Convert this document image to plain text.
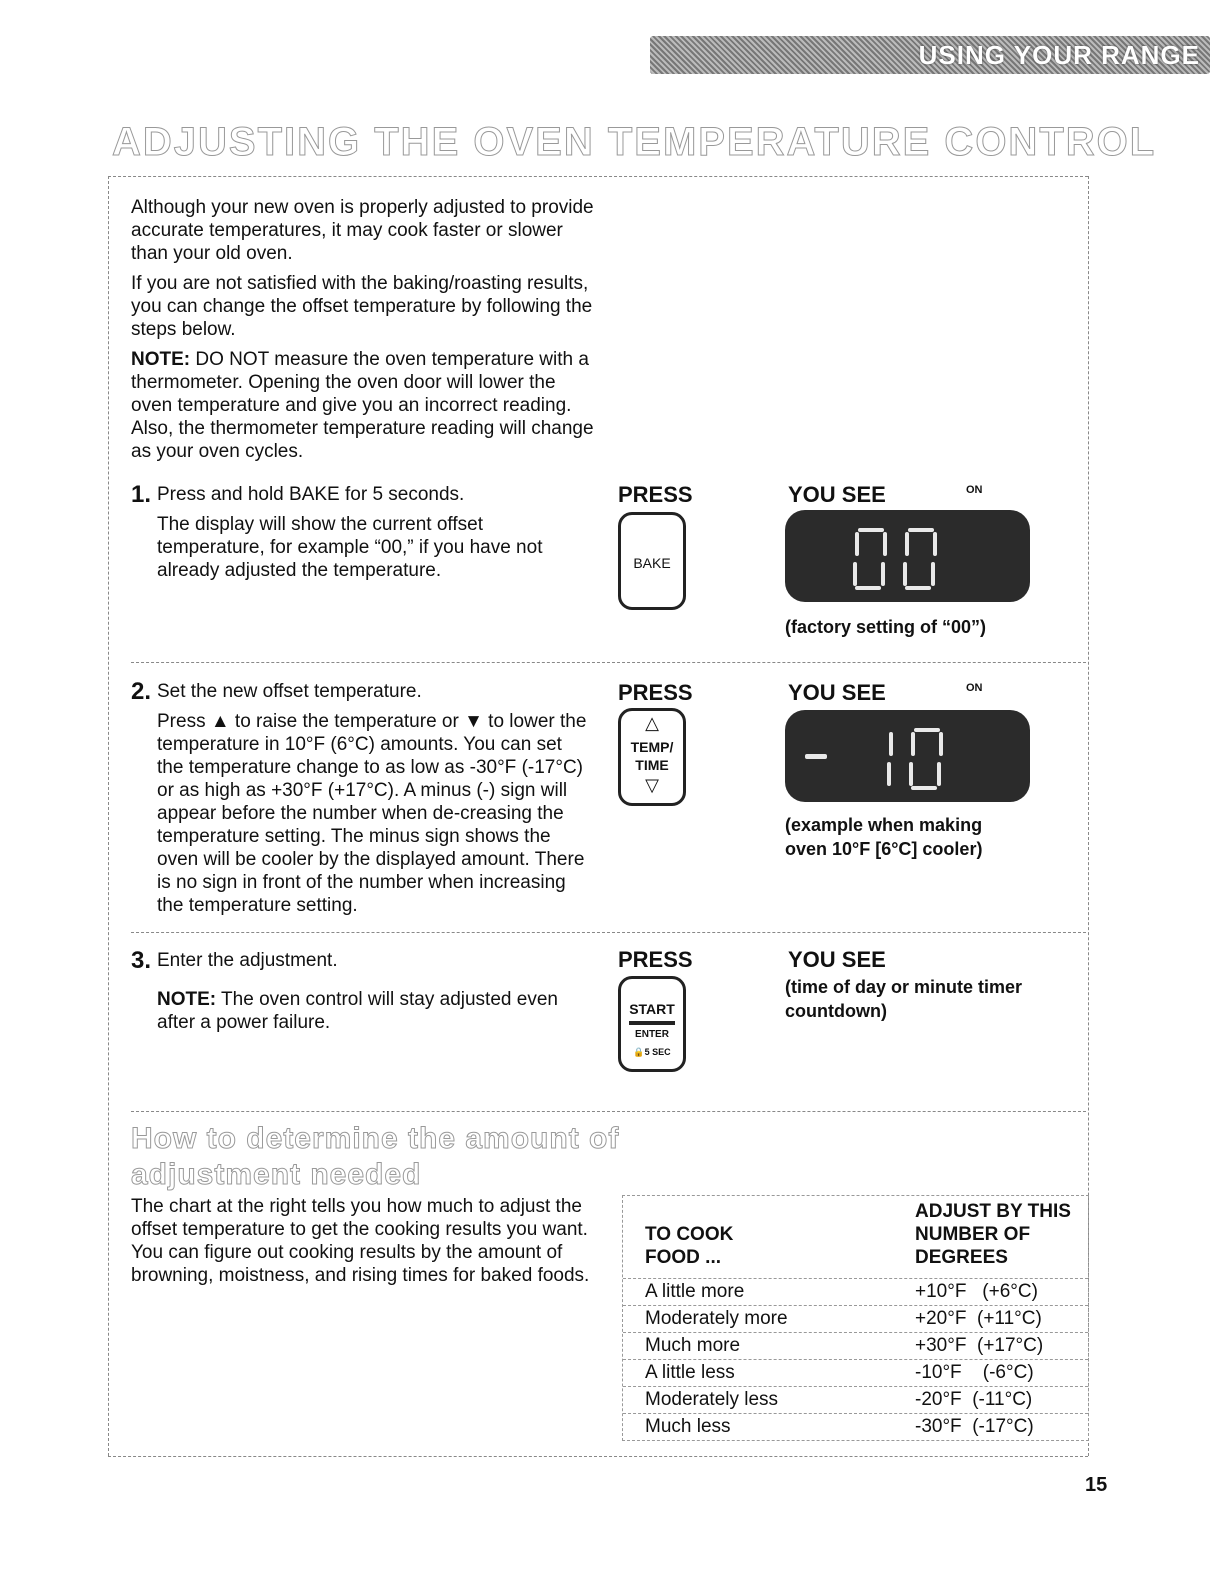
USING YOUR RANGE
ADJUSTING THE OVEN TEMPERATURE CONTROL

Although your new oven is properly adjusted to provide accurate temperatures, it may cook faster or slower than your old oven.

If you are not satisfied with the baking/roasting results, you can change the offset temperature by following the steps below.

NOTE: DO NOT measure the oven temperature with a thermometer. Opening the oven door will lower the oven temperature and give you an incorrect reading. Also, the thermometer temperature reading will change as your oven cycles.

1. Press and hold BAKE for 5 seconds.

The display will show the current offset temperature, for example “00,” if you have not already adjusted the temperature.

PRESS	YOU SEE	ON
BAKE
(factory setting of “00”)
2. Set the new offset temperature.

Press ▲ to raise the temperature or ▼ to lower the temperature in 10°F (6°C) amounts. You can set the temperature change to as low as -30°F (-17°C) or as high as +30°F (+17°C). A minus (-) sign will appear before the number when de-creasing the temperature setting. The minus sign shows the oven will be cooler by the displayed amount. There is no sign in front of the number when increasing the temperature setting.

PRESS	YOU SEE	ON
△
TEMP/
TIME
▽
(example when making oven 10°F [6°C] cooler)
3. Enter the adjustment.

NOTE: The oven control will stay adjusted even after a power failure.

PRESS	YOU SEE
START
ENTER
🔒5 SEC
(time of day or minute timer countdown)
How to determine the amount of
adjustment needed
The chart at the right tells you how much to adjust the offset temperature to get the cooking results you want. You can figure out cooking results by the amount of browning, moistness, and rising times for baked foods.
TO COOK FOOD ...
ADJUST BY THIS NUMBER OF DEGREES
A little more	+10°F   (+6°C)
Moderately more	+20°F  (+11°C)
Much more	+30°F  (+17°C)
A little less	-10°F    (-6°C)
Moderately less	-20°F  (-11°C)
Much less	-30°F  (-17°C)
15
